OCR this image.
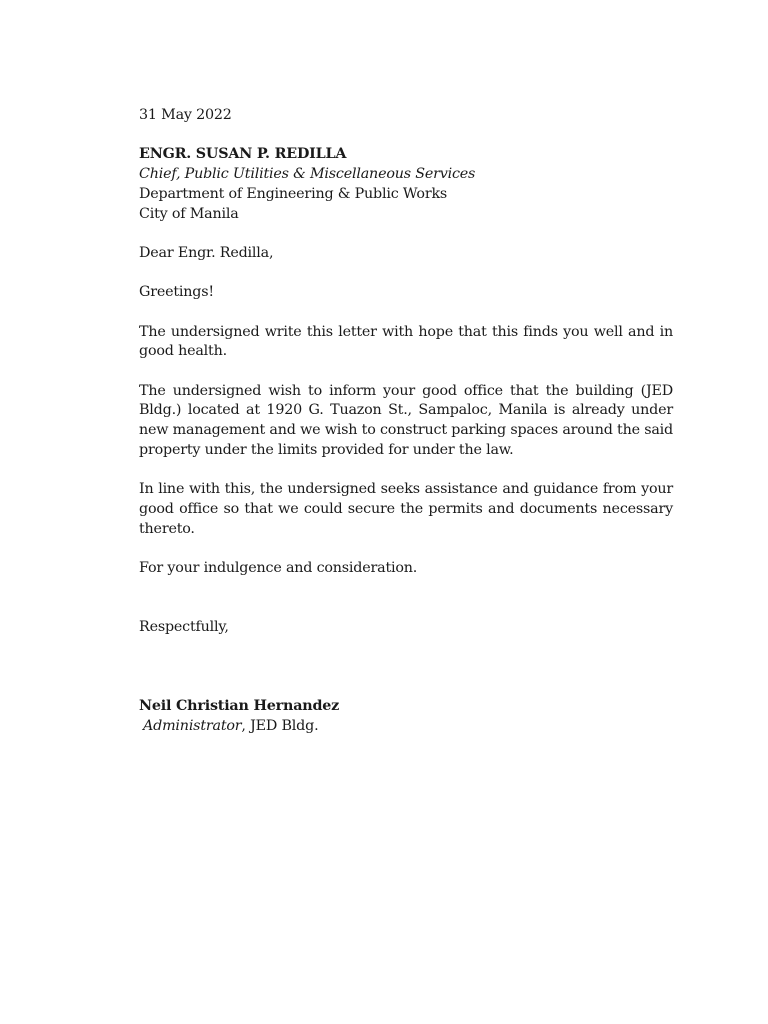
31 May 2022

ENGR. SUSAN P. REDILLA
Chief, Public Utilities & Miscellaneous Services
Department of Engineering & Public Works
City of Manila

Dear Engr. Redilla,

Greetings!

The undersigned write this letter with hope that this finds you well and in good health.

The undersigned wish to inform your good office that the building (JED Bldg.) located at 1920 G. Tuazon St., Sampaloc, Manila is already under new management and we wish to construct parking spaces around the said property under the limits provided for under the law.

In line with this, the undersigned seeks assistance and guidance from your good office so that we could secure the permits and documents necessary thereto.

For your indulgence and consideration.

Respectfully,

Neil Christian Hernandez
Administrator, JED Bldg.
